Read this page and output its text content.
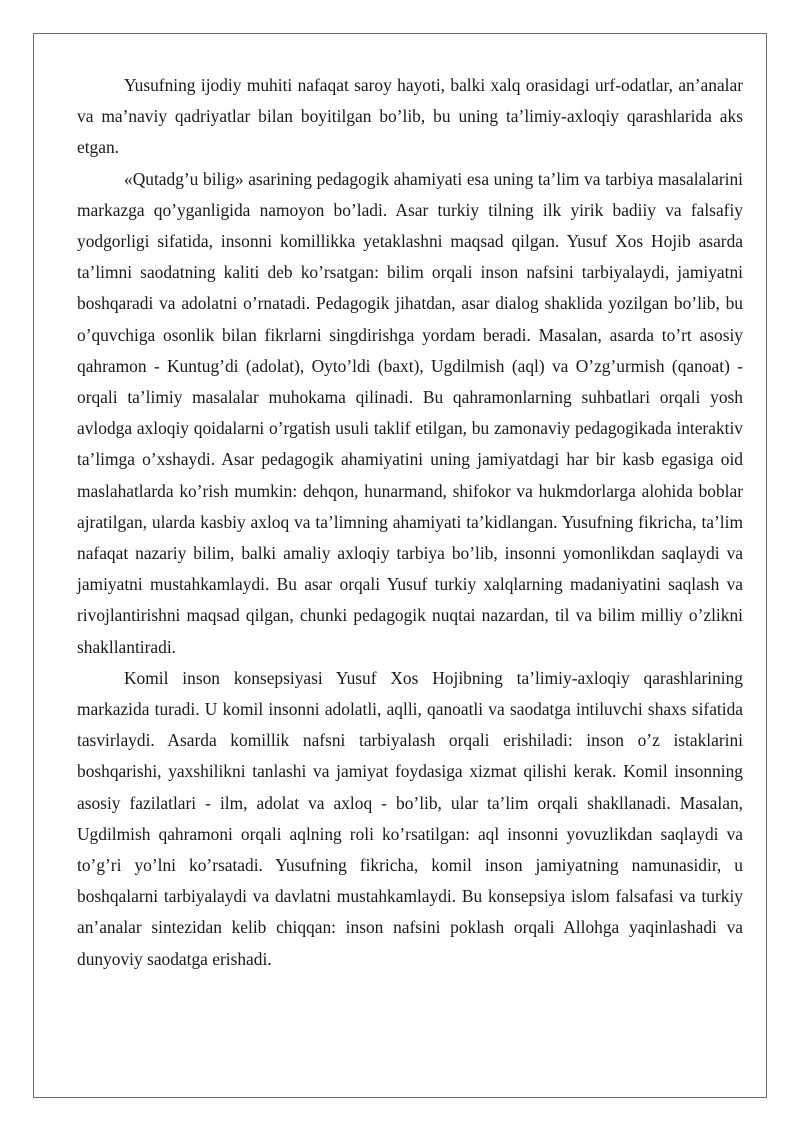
Yusufning ijodiy muhiti nafaqat saroy hayoti, balki xalq orasidagi urf-odatlar, an’analar va ma’naviy qadriyatlar bilan boyitilgan bo’lib, bu uning ta’limiy-axloqiy qarashlarida aks etgan.

«Qutadg’u bilig» asarining pedagogik ahamiyati esa uning ta’lim va tarbiya masalalarini markazga qo’yganligida namoyon bo’ladi. Asar turkiy tilning ilk yirik badiiy va falsafiy yodgorligi sifatida, insonni komillikka yetaklashni maqsad qilgan. Yusuf Xos Hojib asarda ta’limni saodatning kaliti deb ko’rsatgan: bilim orqali inson nafsini tarbiyalaydi, jamiyatni boshqaradi va adolatni o’rnatadi. Pedagogik jihatdan, asar dialog shaklida yozilgan bo’lib, bu o’quvchiga osonlik bilan fikrlarni singdirishga yordam beradi. Masalan, asarda to’rt asosiy qahramon - Kuntug’di (adolat), Oyto’ldi (baxt), Ugdilmish (aql) va O’zg’urmish (qanoat) - orqali ta’limiy masalalar muhokama qilinadi. Bu qahramonlarning suhbatlari orqali yosh avlodga axloqiy qoidalarni o’rgatish usuli taklif etilgan, bu zamonaviy pedagogikada interaktiv ta’limga o’xshaydi. Asar pedagogik ahamiyatini uning jamiyatdagi har bir kasb egasiga oid maslahatlarda ko’rish mumkin: dehqon, hunarmand, shifokor va hukmdorlarga alohida boblar ajratilgan, ularda kasbiy axloq va ta’limning ahamiyati ta’kidlangan. Yusufning fikricha, ta’lim nafaqat nazariy bilim, balki amaliy axloqiy tarbiya bo’lib, insonni yomonlikdan saqlaydi va jamiyatni mustahkamlaydi. Bu asar orqali Yusuf turkiy xalqlarning madaniyatini saqlash va rivojlantirishni maqsad qilgan, chunki pedagogik nuqtai nazardan, til va bilim milliy o’zlikni shakllantiradi.

Komil inson konsepsiyasi Yusuf Xos Hojibning ta’limiy-axloqiy qarashlarining markazida turadi. U komil insonni adolatli, aqlli, qanoatli va saodatga intiluvchi shaxs sifatida tasvirlaydi. Asarda komillik nafsni tarbiyalash orqali erishiladi: inson o’z istaklarini boshqarishi, yaxshilikni tanlashi va jamiyat foydasiga xizmat qilishi kerak. Komil insonning asosiy fazilatlari - ilm, adolat va axloq - bo’lib, ular ta’lim orqali shakllanadi. Masalan, Ugdilmish qahramoni orqali aqlning roli ko’rsatilgan: aql insonni yovuzlikdan saqlaydi va to’g’ri yo’lni ko’rsatadi. Yusufning fikricha, komil inson jamiyatning namunasidir, u boshqalarni tarbiyalaydi va davlatni mustahkamlaydi. Bu konsepsiya islom falsafasi va turkiy an’analar sintezidan kelib chiqqan: inson nafsini poklash orqali Allohga yaqinlashadi va dunyoviy saodatga erishadi.
